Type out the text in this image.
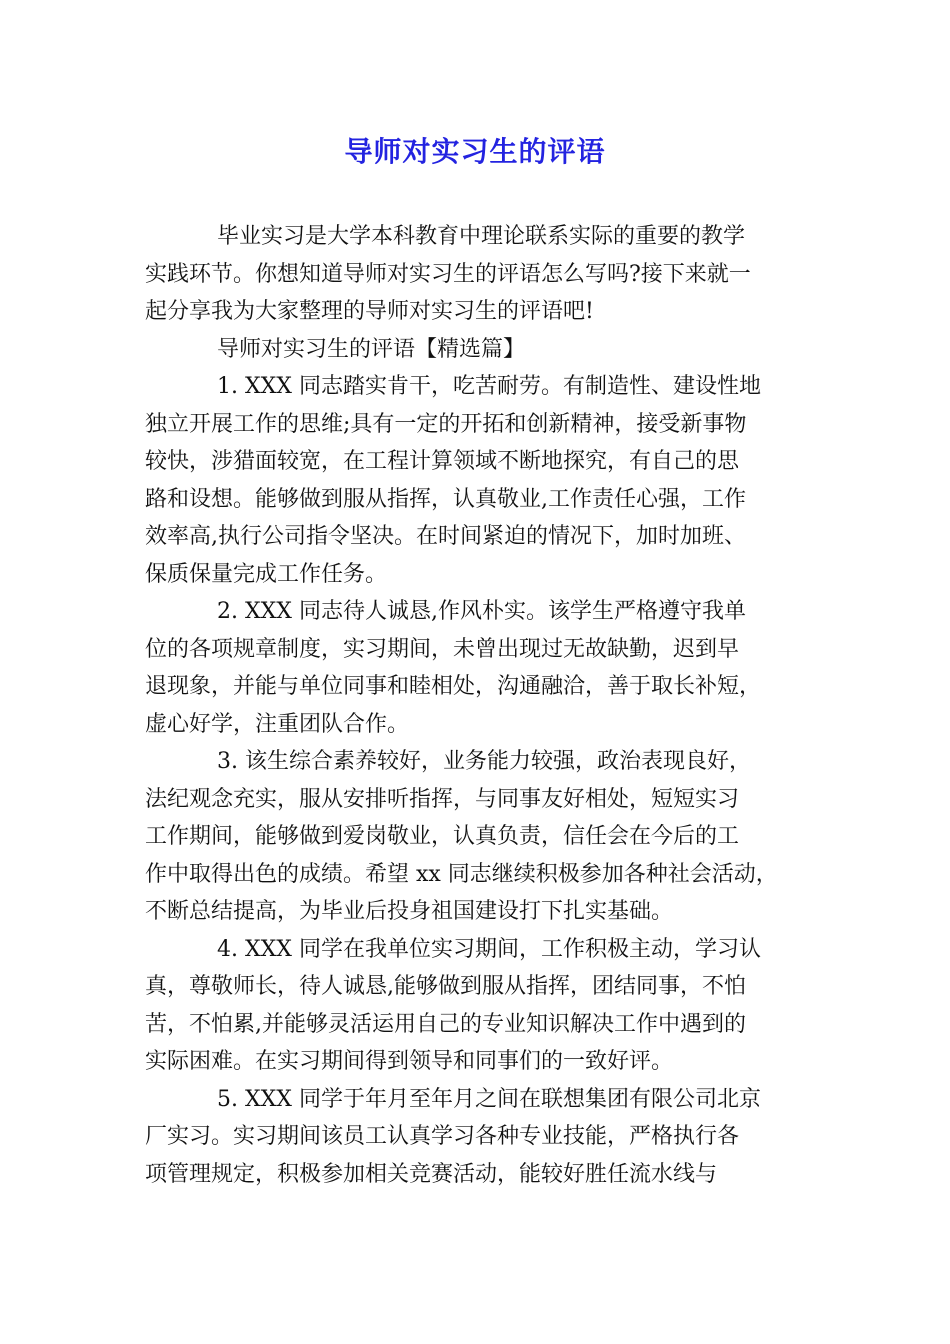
导师对实习生的评语
毕业实习是大学本科教育中理论联系实际的重要的教学
实践环节。你想知道导师对实习生的评语怎么写吗?接下来就一
起分享我为大家整理的导师对实习生的评语吧!
导师对实习生的评语【精选篇】
1. XXX 同志踏实肯干，吃苦耐劳。有制造性、建设性地
独立开展工作的思维;具有一定的开拓和创新精神，接受新事物
较快，涉猎面较宽，在工程计算领域不断地探究，有自己的思
路和设想。能够做到服从指挥，认真敬业,工作责任心强，工作
效率高,执行公司指令坚决。在时间紧迫的情况下，加时加班、
保质保量完成工作任务。
2. XXX 同志待人诚恳,作风朴实。该学生严格遵守我单
位的各项规章制度，实习期间，未曾出现过无故缺勤，迟到早
退现象，并能与单位同事和睦相处，沟通融洽，善于取长补短，
虚心好学，注重团队合作。
3. 该生综合素养较好，业务能力较强，政治表现良好，
法纪观念充实，服从安排听指挥，与同事友好相处，短短实习
工作期间，能够做到爱岗敬业，认真负责，信任会在今后的工
作中取得出色的成绩。希望 xx 同志继续积极参加各种社会活动，
不断总结提高，为毕业后投身祖国建设打下扎实基础。
4. XXX 同学在我单位实习期间，工作积极主动，学习认
真，尊敬师长，待人诚恳,能够做到服从指挥，团结同事，不怕
苦，不怕累,并能够灵活运用自己的专业知识解决工作中遇到的
实际困难。在实习期间得到领导和同事们的一致好评。
5. XXX 同学于年月至年月之间在联想集团有限公司北京
厂实习。实习期间该员工认真学习各种专业技能，严格执行各
项管理规定，积极参加相关竞赛活动，能较好胜任流水线与
